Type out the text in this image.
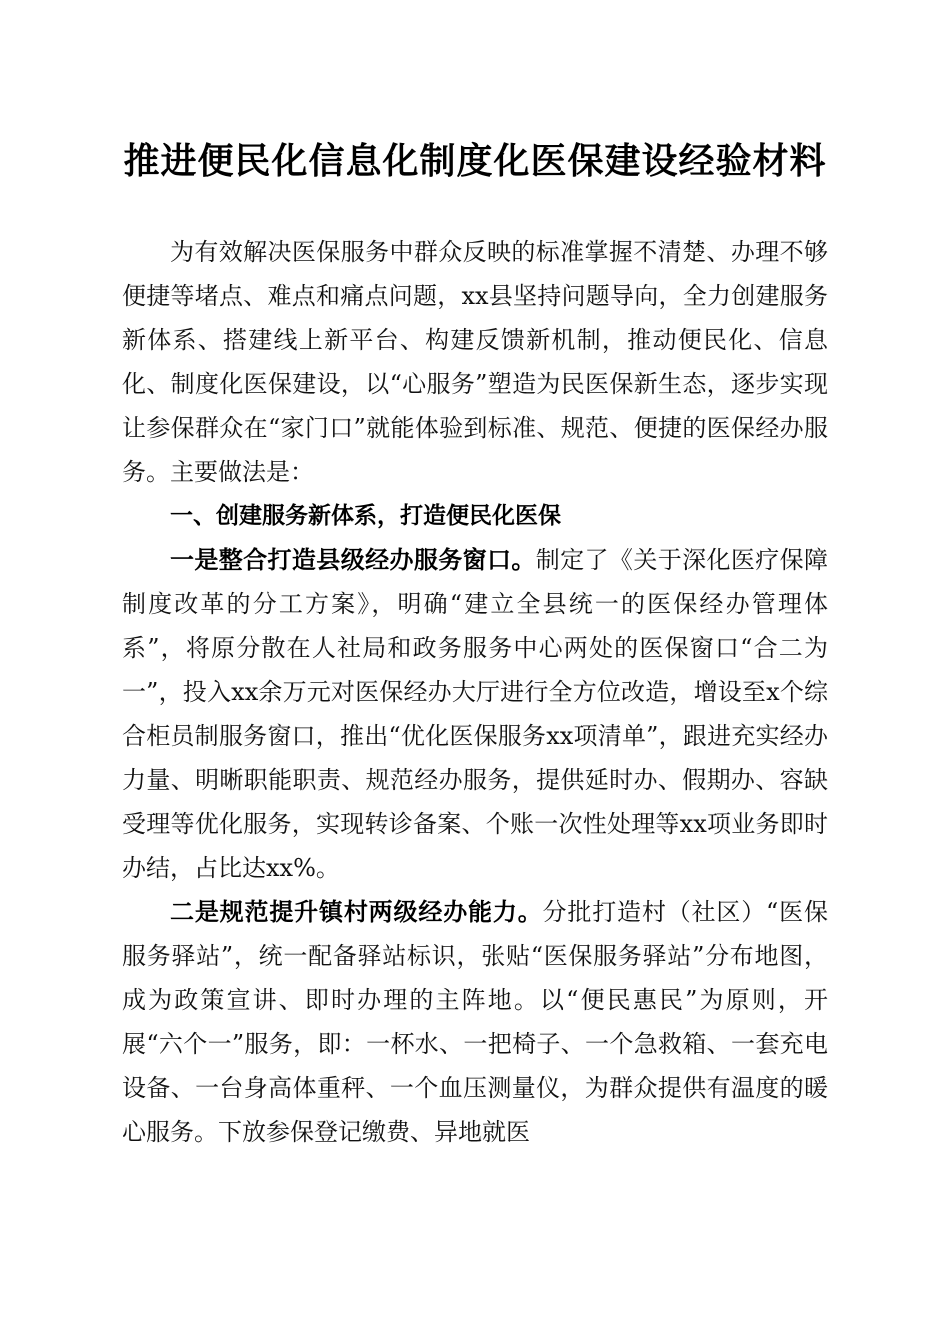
推进便民化信息化制度化医保建设经验材料

为有效解决医保服务中群众反映的标准掌握不清楚、办理不够便捷等堵点、难点和痛点问题，xx县坚持问题导向，全力创建服务新体系、搭建线上新平台、构建反馈新机制，推动便民化、信息化、制度化医保建设，以“心服务”塑造为民医保新生态，逐步实现让参保群众在“家门口”就能体验到标准、规范、便捷的医保经办服务。主要做法是：

一、创建服务新体系，打造便民化医保

一是整合打造县级经办服务窗口。制定了《关于深化医疗保障制度改革的分工方案》，明确“建立全县统一的医保经办管理体系”，将原分散在人社局和政务服务中心两处的医保窗口“合二为一”，投入xx余万元对医保经办大厅进行全方位改造，增设至x个综合柜员制服务窗口，推出“优化医保服务xx项清单”，跟进充实经办力量、明晰职能职责、规范经办服务，提供延时办、假期办、容缺受理等优化服务，实现转诊备案、个账一次性处理等xx项业务即时办结，占比达xx%。

二是规范提升镇村两级经办能力。分批打造村（社区）“医保服务驿站”，统一配备驿站标识，张贴“医保服务驿站”分布地图，成为政策宣讲、即时办理的主阵地。以“便民惠民”为原则，开展“六个一”服务，即：一杯水、一把椅子、一个急救箱、一套充电设备、一台身高体重秤、一个血压测量仪，为群众提供有温度的暖心服务。下放参保登记缴费、异地就医
